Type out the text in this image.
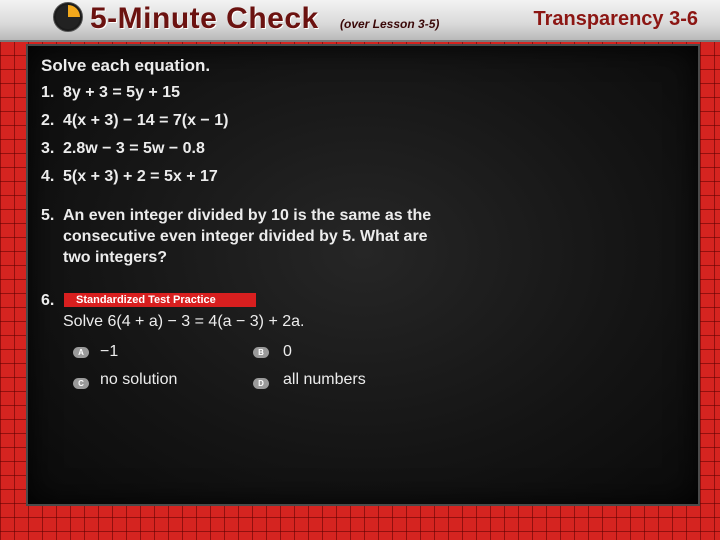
5-Minute Check (over Lesson 3-5)	Transparency 3-6
Solve each equation.
1. 8y + 3 = 5y + 15
2. 4(x + 3) − 14 = 7(x − 1)
3. 2.8w − 3 = 5w − 0.8
4. 5(x + 3) + 2 = 5x + 17
5. An even integer divided by 10 is the same as the
consecutive even integer divided by 5. What are
two integers?
6.	Standardized Test Practice
Solve 6(4 + a) − 3 = 4(a − 3) + 2a.
A	−1	B	0
C	no solution	D	all numbers
